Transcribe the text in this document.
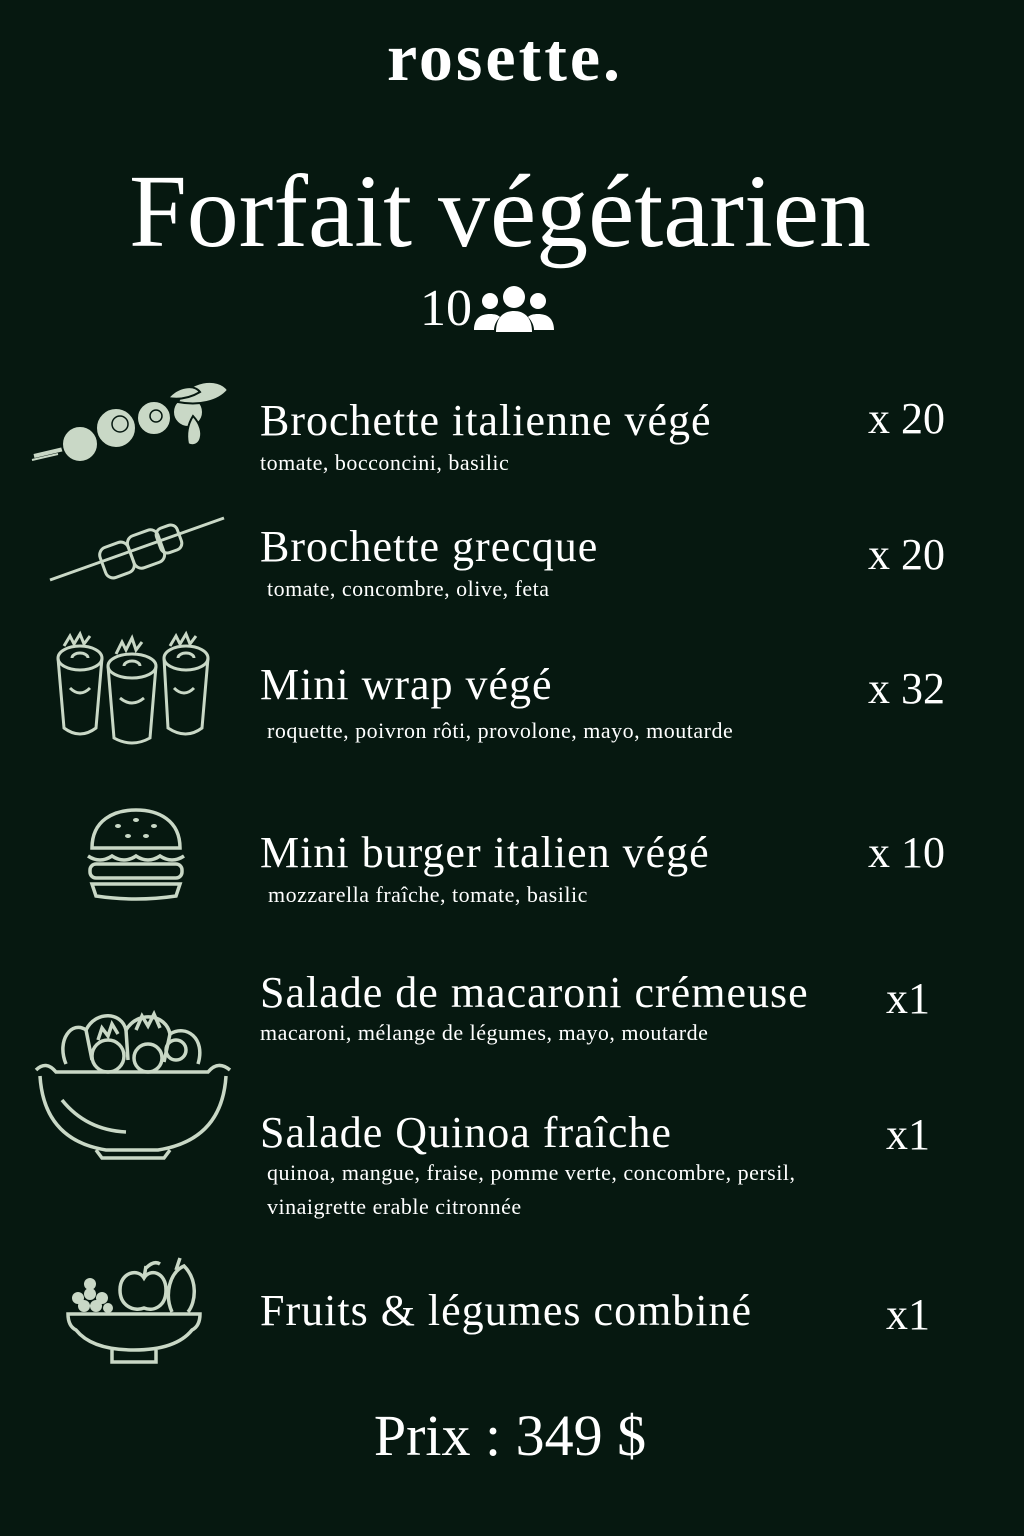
rosette.
Forfait végétarien
10
Brochette italienne végé
tomate, bocconcini, basilic
x 20
Brochette grecque
tomate, concombre, olive, feta
x 20
Mini wrap végé
roquette, poivron rôti, provolone, mayo, moutarde
x 32
Mini burger italien végé
mozzarella fraîche, tomate, basilic
x 10
Salade de macaroni crémeuse
macaroni, mélange de légumes, mayo, moutarde
x1
Salade Quinoa fraîche
quinoa, mangue, fraise, pomme verte, concombre, persil, vinaigrette erable citronnée
x1
Fruits & légumes combiné	x1
Prix : 349 $
